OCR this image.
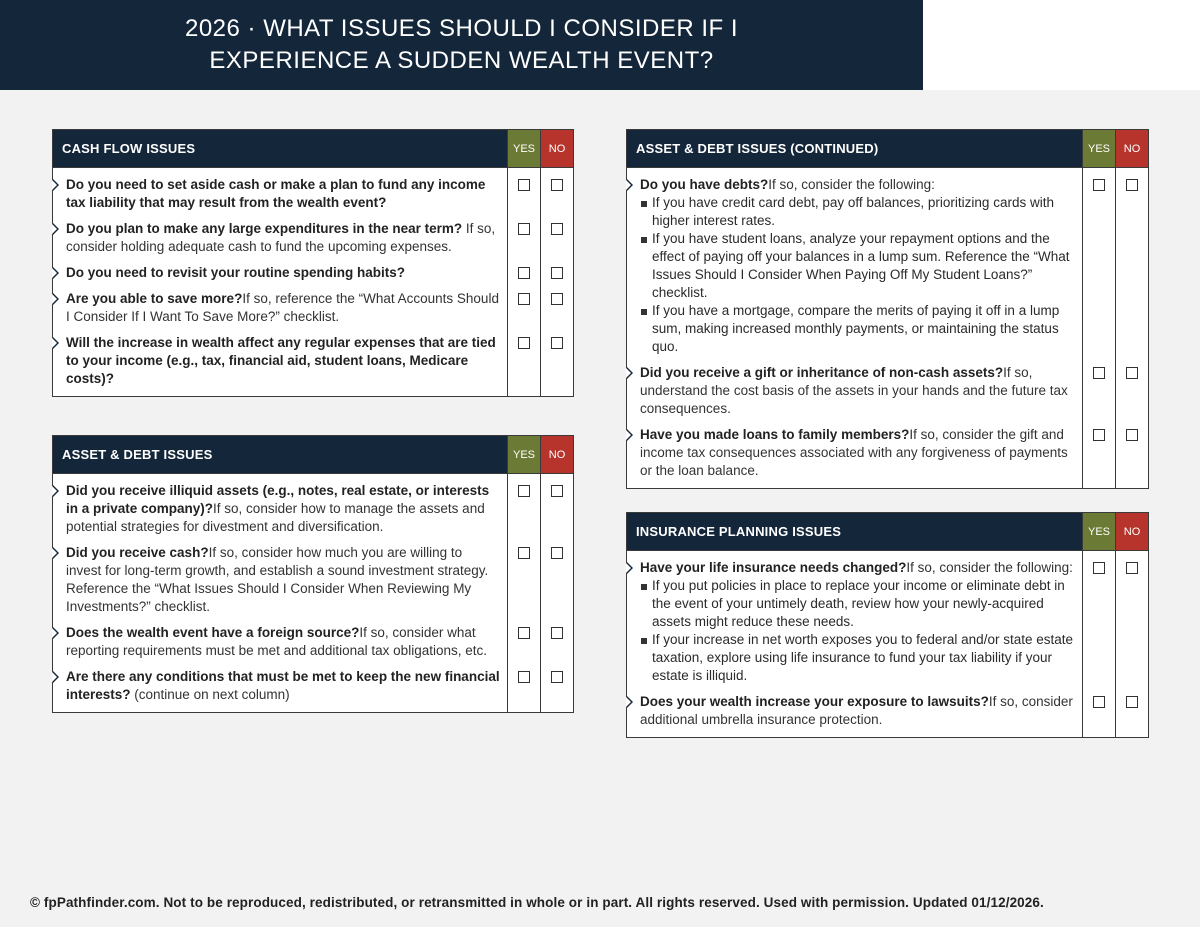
2026 · WHAT ISSUES SHOULD I CONSIDER IF I EXPERIENCE A SUDDEN WEALTH EVENT?
CASH FLOW ISSUES	YES	NO
Do you need to set aside cash or make a plan to fund any income tax liability that may result from the wealth event?
Do you plan to make any large expenditures in the near term? If so, consider holding adequate cash to fund the upcoming expenses.
Do you need to revisit your routine spending habits?
Are you able to save more?If so, reference the “What Accounts Should I Consider If I Want To Save More?” checklist.
Will the increase in wealth affect any regular expenses that are tied to your income (e.g., tax, financial aid, student loans, Medicare costs)?
ASSET & DEBT ISSUES	YES	NO
Did you receive illiquid assets (e.g., notes, real estate, or interests in a private company)?If so, consider how to manage the assets and potential strategies for divestment and diversification.
Did you receive cash?If so, consider how much you are willing to invest for long-term growth, and establish a sound investment strategy. Reference the “What Issues Should I Consider When Reviewing My Investments?” checklist.
Does the wealth event have a foreign source?If so, consider what reporting requirements must be met and additional tax obligations, etc.
Are there any conditions that must be met to keep the new financial interests? (continue on next column)
ASSET & DEBT ISSUES (CONTINUED)	YES	NO
Do you have debts?If so, consider the following:
If you have credit card debt, pay off balances, prioritizing cards with higher interest rates.
If you have student loans, analyze your repayment options and the effect of paying off your balances in a lump sum. Reference the “What Issues Should I Consider When Paying Off My Student Loans?” checklist.
If you have a mortgage, compare the merits of paying it off in a lump sum, making increased monthly payments, or maintaining the status quo.
Did you receive a gift or inheritance of non-cash assets?If so, understand the cost basis of the assets in your hands and the future tax consequences.
Have you made loans to family members?If so, consider the gift and income tax consequences associated with any forgiveness of payments or the loan balance.
INSURANCE PLANNING ISSUES	YES	NO
Have your life insurance needs changed?If so, consider the following:
If you put policies in place to replace your income or eliminate debt in the event of your untimely death, review how your newly-acquired assets might reduce these needs.
If your increase in net worth exposes you to federal and/or state estate taxation, explore using life insurance to fund your tax liability if your estate is illiquid.
Does your wealth increase your exposure to lawsuits?If so, consider additional umbrella insurance protection.
© fpPathfinder.com. Not to be reproduced, redistributed, or retransmitted in whole or in part. All rights reserved. Used with permission. Updated 01/12/2026.
